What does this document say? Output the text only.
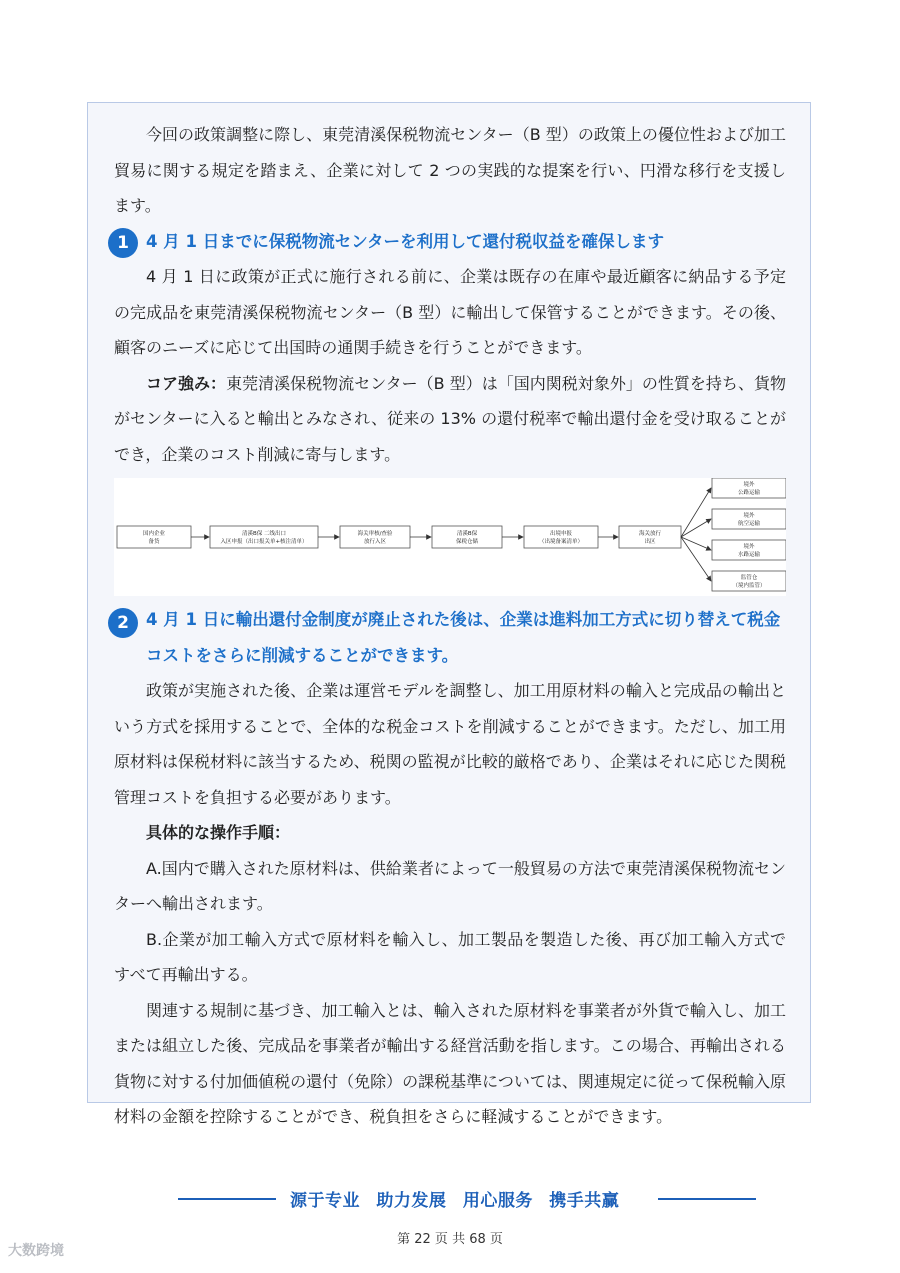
今回の政策調整に際し、東莞清溪保税物流センター（B 型）の政策上の優位性および加工貿易に関する規定を踏まえ、企業に対して 2 つの実践的な提案を行い、円滑な移行を支援します。

1	4 月 1 日までに保税物流センターを利用して還付税収益を確保します

4 月 1 日に政策が正式に施行される前に、企業は既存の在庫や最近顧客に納品する予定の完成品を東莞清溪保税物流センター（B 型）に輸出して保管することができます。その後、顧客のニーズに応じて出国時の通関手続きを行うことができます。

コア強み：東莞清溪保税物流センター（B 型）は「国内関税対象外」の性質を持ち、貨物がセンターに入ると輸出とみなされ、従来の 13% の還付税率で輸出還付金を受け取ることができ，企業のコスト削減に寄与します。

国内企业
备货
清溪B保 二线出口
入区申报（出口报关单+核注清单）
海关审核/查验
放行入区
清溪B保
保税仓储
出境申报
（出境备案清单）
海关放行
出区
境外
公路运输
境外
航空运输
境外
水路运输
监管仓
（境内监管）
2	4 月 1 日に輸出還付金制度が廃止された後は、企業は進料加工方式に切り替えて税金コストをさらに削減することができます。

政策が実施された後、企業は運営モデルを調整し、加工用原材料の輸入と完成品の輸出という方式を採用することで、全体的な税金コストを削減することができます。ただし、加工用原材料は保税材料に該当するため、税関の監視が比較的厳格であり、企業はそれに応じた関税管理コストを負担する必要があります。

具体的な操作手順：

A.国内で購入された原材料は、供給業者によって一般貿易の方法で東莞清溪保税物流センターへ輸出されます。

B.企業が加工輸入方式で原材料を輸入し、加工製品を製造した後、再び加工輸入方式ですべて再輸出する。

関連する規制に基づき、加工輸入とは、輸入された原材料を事業者が外貨で輸入し、加工または組立した後、完成品を事業者が輸出する経営活動を指します。この場合、再輸出される貨物に対する付加価値税の還付（免除）の課税基準については、関連規定に従って保税輸入原材料の金額を控除することができ、税負担をさらに軽減することができます。

源于专业 助力发展 用心服务 携手共赢
第 22 页 共 68 页
大数跨境
